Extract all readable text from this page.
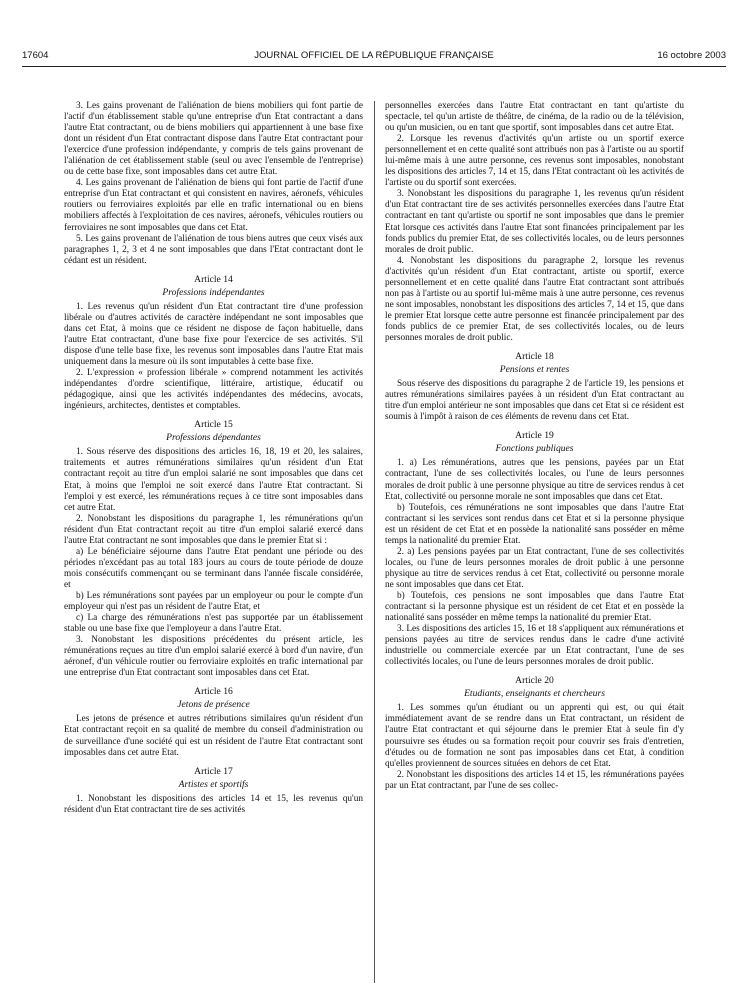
17604	JOURNAL OFFICIEL DE LA RÉPUBLIQUE FRANÇAISE	16 octobre 2003

3. Les gains provenant de l'aliénation de biens mobiliers qui font partie de l'actif d'un établissement stable qu'une entreprise d'un Etat contractant a dans l'autre Etat contractant, ou de biens mobiliers qui appartiennent à une base fixe dont un résident d'un Etat contractant dispose dans l'autre Etat contractant pour l'exercice d'une profession indépendante, y compris de tels gains provenant de l'aliénation de cet établissement stable (seul ou avec l'ensemble de l'entreprise) ou de cette base fixe, sont imposables dans cet autre Etat.

4. Les gains provenant de l'aliénation de biens qui font partie de l'actif d'une entreprise d'un Etat contractant et qui consistent en navires, aéronefs, véhicules routiers ou ferroviaires exploités par elle en trafic international ou en biens mobiliers affectés à l'exploitation de ces navires, aéronefs, véhicules routiers ou ferroviaires ne sont imposables que dans cet Etat.

5. Les gains provenant de l'aliénation de tous biens autres que ceux visés aux paragraphes 1, 2, 3 et 4 ne sont imposables que dans l'Etat contractant dont le cédant est un résident.

Article 14
Professions indépendantes

1. Les revenus qu'un résident d'un Etat contractant tire d'une profession libérale ou d'autres activités de caractère indépendant ne sont imposables que dans cet Etat, à moins que ce résident ne dispose de façon habituelle, dans l'autre Etat contractant, d'une base fixe pour l'exercice de ses activités. S'il dispose d'une telle base fixe, les revenus sont imposables dans l'autre Etat mais uniquement dans la mesure où ils sont imputables à cette base fixe.

2. L'expression « profession libérale » comprend notamment les activités indépendantes d'ordre scientifique, littéraire, artistique, éducatif ou pédagogique, ainsi que les activités indépendantes des médecins, avocats, ingénieurs, architectes, dentistes et comptables.

Article 15
Professions dépendantes

1. Sous réserve des dispositions des articles 16, 18, 19 et 20, les salaires, traitements et autres rémunérations similaires qu'un résident d'un Etat contractant reçoit au titre d'un emploi salarié ne sont imposables que dans cet Etat, à moins que l'emploi ne soit exercé dans l'autre Etat contractant. Si l'emploi y est exercé, les rémunérations reçues à ce titre sont imposables dans cet autre Etat.

2. Nonobstant les dispositions du paragraphe 1, les rémunérations qu'un résident d'un Etat contractant reçoit au titre d'un emploi salarié exercé dans l'autre Etat contractant ne sont imposables que dans le premier Etat si :

a) Le bénéficiaire séjourne dans l'autre Etat pendant une période ou des périodes n'excédant pas au total 183 jours au cours de toute période de douze mois consécutifs commençant ou se terminant dans l'année fiscale considérée, et

b) Les rémunérations sont payées par un employeur ou pour le compte d'un employeur qui n'est pas un résident de l'autre Etat, et

c) La charge des rémunérations n'est pas supportée par un établissement stable ou une base fixe que l'employeur a dans l'autre Etat.

3. Nonobstant les dispositions précédentes du présent article, les rémunérations reçues au titre d'un emploi salarié exercé à bord d'un navire, d'un aéronef, d'un véhicule routier ou ferroviaire exploités en trafic international par une entreprise d'un Etat contractant sont imposables dans cet Etat.

Article 16
Jetons de présence

Les jetons de présence et autres rétributions similaires qu'un résident d'un Etat contractant reçoit en sa qualité de membre du conseil d'administration ou de surveillance d'une société qui est un résident de l'autre Etat contractant sont imposables dans cet autre Etat.

Article 17
Artistes et sportifs

1. Nonobstant les dispositions des articles 14 et 15, les revenus qu'un résident d'un Etat contractant tire de ses activités

personnelles exercées dans l'autre Etat contractant en tant qu'artiste du spectacle, tel qu'un artiste de théâtre, de cinéma, de la radio ou de la télévision, ou qu'un musicien, ou en tant que sportif, sont imposables dans cet autre Etat.

2. Lorsque les revenus d'activités qu'un artiste ou un sportif exerce personnellement et en cette qualité sont attribués non pas à l'artiste ou au sportif lui-même mais à une autre personne, ces revenus sont imposables, nonobstant les dispositions des articles 7, 14 et 15, dans l'Etat contractant où les activités de l'artiste ou du sportif sont exercées.

3. Nonobstant les dispositions du paragraphe 1, les revenus qu'un résident d'un Etat contractant tire de ses activités personnelles exercées dans l'autre Etat contractant en tant qu'artiste ou sportif ne sont imposables que dans le premier Etat lorsque ces activités dans l'autre Etat sont financées principalement par les fonds publics du premier Etat, de ses collectivités locales, ou de leurs personnes morales de droit public.

4. Nonobstant les dispositions du paragraphe 2, lorsque les revenus d'activités qu'un résident d'un Etat contractant, artiste ou sportif, exerce personnellement et en cette qualité dans l'autre Etat contractant sont attribués non pas à l'artiste ou au sportif lui-même mais à une autre personne, ces revenus ne sont imposables, nonobstant les dispositions des articles 7, 14 et 15, que dans le premier Etat lorsque cette autre personne est financée principalement par des fonds publics de ce premier Etat, de ses collectivités locales, ou de leurs personnes morales de droit public.

Article 18
Pensions et rentes

Sous réserve des dispositions du paragraphe 2 de l'article 19, les pensions et autres rémunérations similaires payées à un résident d'un Etat contractant au titre d'un emploi antérieur ne sont imposables que dans cet Etat si ce résident est soumis à l'impôt à raison de ces éléments de revenu dans cet Etat.

Article 19
Fonctions publiques

1. a) Les rémunérations, autres que les pensions, payées par un Etat contractant, l'une de ses collectivités locales, ou l'une de leurs personnes morales de droit public à une personne physique au titre de services rendus à cet Etat, collectivité ou personne morale ne sont imposables que dans cet Etat.

b) Toutefois, ces rémunérations ne sont imposables que dans l'autre Etat contractant si les services sont rendus dans cet Etat et si la personne physique est un résident de cet Etat et en possède la nationalité sans posséder en même temps la nationalité du premier Etat.

2. a) Les pensions payées par un Etat contractant, l'une de ses collectivités locales, ou l'une de leurs personnes morales de droit public à une personne physique au titre de services rendus à cet Etat, collectivité ou personne morale ne sont imposables que dans cet Etat.

b) Toutefois, ces pensions ne sont imposables que dans l'autre Etat contractant si la personne physique est un résident de cet Etat et en possède la nationalité sans posséder en même temps la nationalité du premier Etat.

3. Les dispositions des articles 15, 16 et 18 s'appliquent aux rémunérations et pensions payées au titre de services rendus dans le cadre d'une activité industrielle ou commerciale exercée par un Etat contractant, l'une de ses collectivités locales, ou l'une de leurs personnes morales de droit public.

Article 20
Etudiants, enseignants et chercheurs

1. Les sommes qu'un étudiant ou un apprenti qui est, ou qui était immédiatement avant de se rendre dans un Etat contractant, un résident de l'autre Etat contractant et qui séjourne dans le premier Etat à seule fin d'y poursuivre ses études ou sa formation reçoit pour couvrir ses frais d'entretien, d'études ou de formation ne sont pas imposables dans cet Etat, à condition qu'elles proviennent de sources situées en dehors de cet Etat.

2. Nonobstant les dispositions des articles 14 et 15, les rémunérations payées par un Etat contractant, par l'une de ses collec-
